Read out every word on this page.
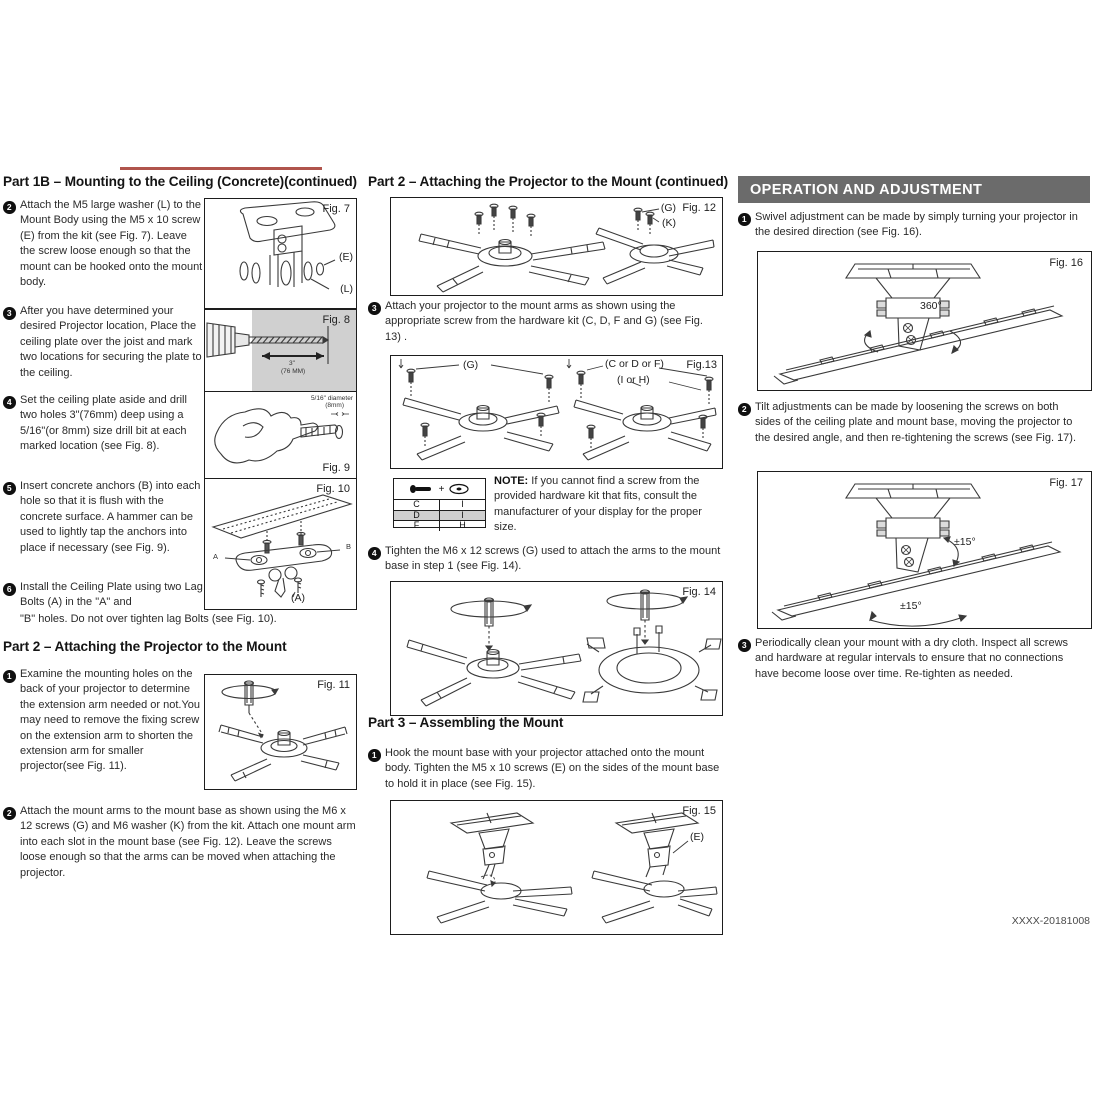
Part 1B – Mounting to the Ceiling (Concrete)(continued)
2 Attach the M5 large washer (L) to the Mount Body using the M5 x 10 screw (E) from the kit (see Fig. 7). Leave the screw loose enough so that the mount can be hooked onto the mount body.
3 After you have determined your desired Projector location, Place the ceiling plate over the joist and mark two locations for securing the plate to the ceiling.
4 Set the ceiling plate aside and drill two holes 3"(76mm) deep using a 5/16"(or 8mm) size drill bit at each marked location (see Fig. 8).
5 Insert concrete anchors (B) into each hole so that it is flush with the concrete surface. A hammer can be used to lightly tap the anchors into place if necessary (see Fig. 9).
6 Install the Ceiling Plate using two Lag Bolts (A) in the "A" and
"B" holes. Do not over tighten lag Bolts (see Fig. 10).
Fig. 7
(E)
(L)
Fig. 8
3"
(76 MM)
5/16" diameter
(8mm)
Fig. 9
Fig. 10
A
B
(A)
Part 2 – Attaching the Projector to the Mount
1 Examine the mounting holes on the back of your projector to determine the extension arm needed or not.You may need to remove the fixing screw on the extension arm to shorten the extension arm for smaller projector(see Fig. 11).
Fig. 11
2 Attach the mount arms to the mount base as shown using the M6 x 12 screws (G) and M6 washer (K) from the kit. Attach one mount arm into each slot in the mount base (see Fig. 12). Leave the screws loose enough so that the arms can be moved when attaching the projector.
Part 2 – Attaching the Projector to the Mount (continued)
(G)
(K)
Fig. 12
3 Attach your projector to the mount arms as shown using the appropriate screw from the hardware kit (C, D, F and G) (see Fig. 13) .
(G)	(C or D or F)
(I or H)
Fig.13
+
C	I
D	I
F	H
NOTE: If you cannot find a screw from the provided hardware kit that fits, consult the manufacturer of your display for the proper size.
4 Tighten the M6 x 12 screws (G) used to attach the arms to the mount base in step 1 (see Fig. 14).
Fig. 14
Part 3 – Assembling the Mount
1 Hook the mount base with your projector attached onto the mount body. Tighten the M5 x 10 screws (E) on the sides of the mount base to hold it in place (see Fig. 15).
Fig. 15
(E)
OPERATION AND ADJUSTMENT
1 Swivel adjustment can be made by simply turning your projector in the desired direction (see Fig. 16).
Fig. 16
360°
2 Tilt adjustments can be made by loosening the screws on both sides of the ceiling plate and mount base, moving the projector to the desired angle, and then re-tightening the screws (see Fig. 17).
Fig. 17
±15°
±15°
3 Periodically clean your mount with a dry cloth. Inspect all screws and hardware at regular intervals to ensure that no connections have become loose over time. Re-tighten as needed.
XXXX-20181008
